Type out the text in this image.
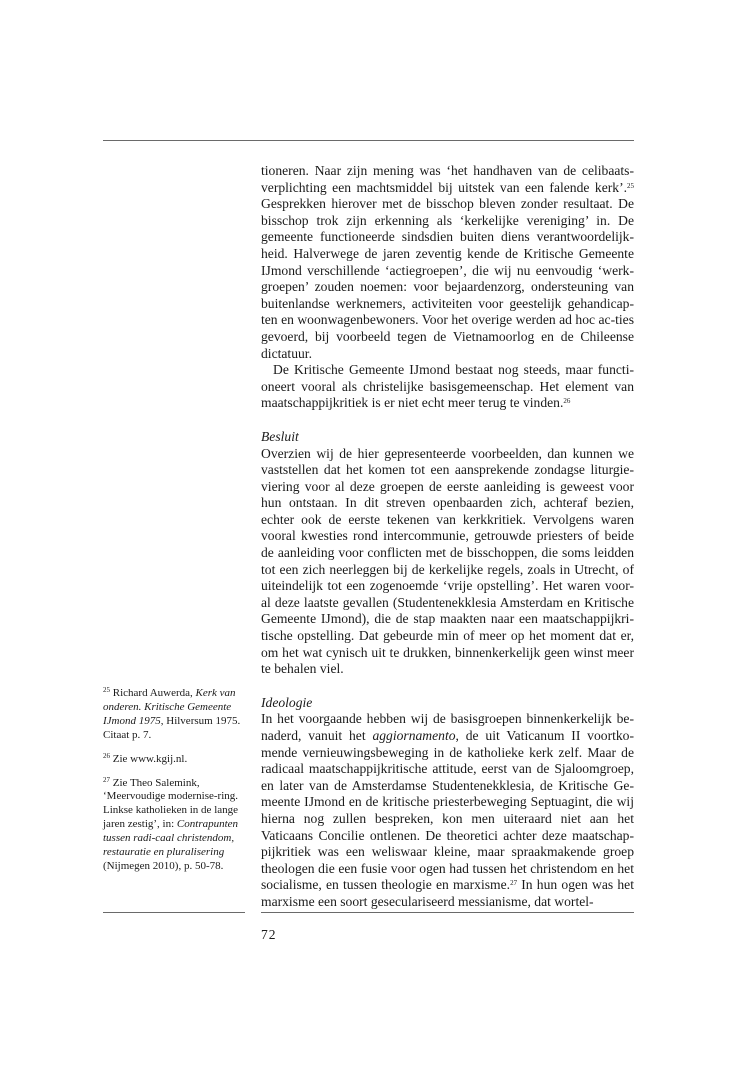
tioneren. Naar zijn mening was ‘het handhaven van de celibaats-verplichting een machtsmiddel bij uitstek van een falende kerk’.$^{25}$ Gesprekken hierover met de bisschop bleven zonder resultaat. De bisschop trok zijn erkenning als ‘kerkelijke vereniging’ in. De gemeente functioneerde sindsdien buiten diens verantwoordelijk-heid. Halverwege de jaren zeventig kende de Kritische Gemeente IJmond verschillende ‘actiegroepen’, die wij nu eenvoudig ‘werk-groepen’ zouden noemen: voor bejaardenzorg, ondersteuning van buitenlandse werknemers, activiteiten voor geestelijk gehandicap-ten en woonwagenbewoners. Voor het overige werden ad hoc ac-ties gevoerd, bij voorbeeld tegen de Vietnamoorlog en de Chileense dictatuur.

De Kritische Gemeente IJmond bestaat nog steeds, maar functi-oneert vooral als christelijke basisgemeenschap. Het element van maatschappijkritiek is er niet echt meer terug te vinden.$^{26}$

Besluit

Overzien wij de hier gepresenteerde voorbeelden, dan kunnen we vaststellen dat het komen tot een aansprekende zondagse liturgie-viering voor al deze groepen de eerste aanleiding is geweest voor hun ontstaan. In dit streven openbaarden zich, achteraf bezien, echter ook de eerste tekenen van kerkkritiek. Vervolgens waren vooral kwesties rond intercommunie, getrouwde priesters of beide de aanleiding voor conflicten met de bisschoppen, die soms leidden tot een zich neerleggen bij de kerkelijke regels, zoals in Utrecht, of uiteindelijk tot een zogenoemde ‘vrije opstelling’. Het waren voor-al deze laatste gevallen (Studentenekklesia Amsterdam en Kritische Gemeente IJmond), die de stap maakten naar een maatschappijkri-tische opstelling. Dat gebeurde min of meer op het moment dat er, om het wat cynisch uit te drukken, binnenkerkelijk geen winst meer te behalen viel.

Ideologie

In het voorgaande hebben wij de basisgroepen binnenkerkelijk be-naderd, vanuit het aggiornamento, de uit Vaticanum II voortko-mende vernieuwingsbeweging in de katholieke kerk zelf. Maar de radicaal maatschappijkritische attitude, eerst van de Sjaloomgroep, en later van de Amsterdamse Studentenekklesia, de Kritische Ge-meente IJmond en de kritische priesterbeweging Septuagint, die wij hierna nog zullen bespreken, kon men uiteraard niet aan het Vaticaans Concilie ontlenen. De theoretici achter deze maatschap-pijkritiek was een weliswaar kleine, maar spraakmakende groep theologen die een fusie voor ogen had tussen het christendom en het socialisme, en tussen theologie en marxisme.$^{27}$ In hun ogen was het marxisme een soort geseculariseerd messianisme, dat wortel-

$^{25}$ Richard Auwerda, Kerk van onderen. Kritische Gemeente IJmond 1975, Hilversum 1975. Citaat p. 7.

$^{26}$ Zie www.kgij.nl.

$^{27}$ Zie Theo Salemink, ‘Meervoudige modernise-ring. Linkse katholieken in de lange jaren zestig’, in: Contrapunten tussen radi-caal christendom, restauratie en pluralisering (Nijmegen 2010), p. 50-78.

72
